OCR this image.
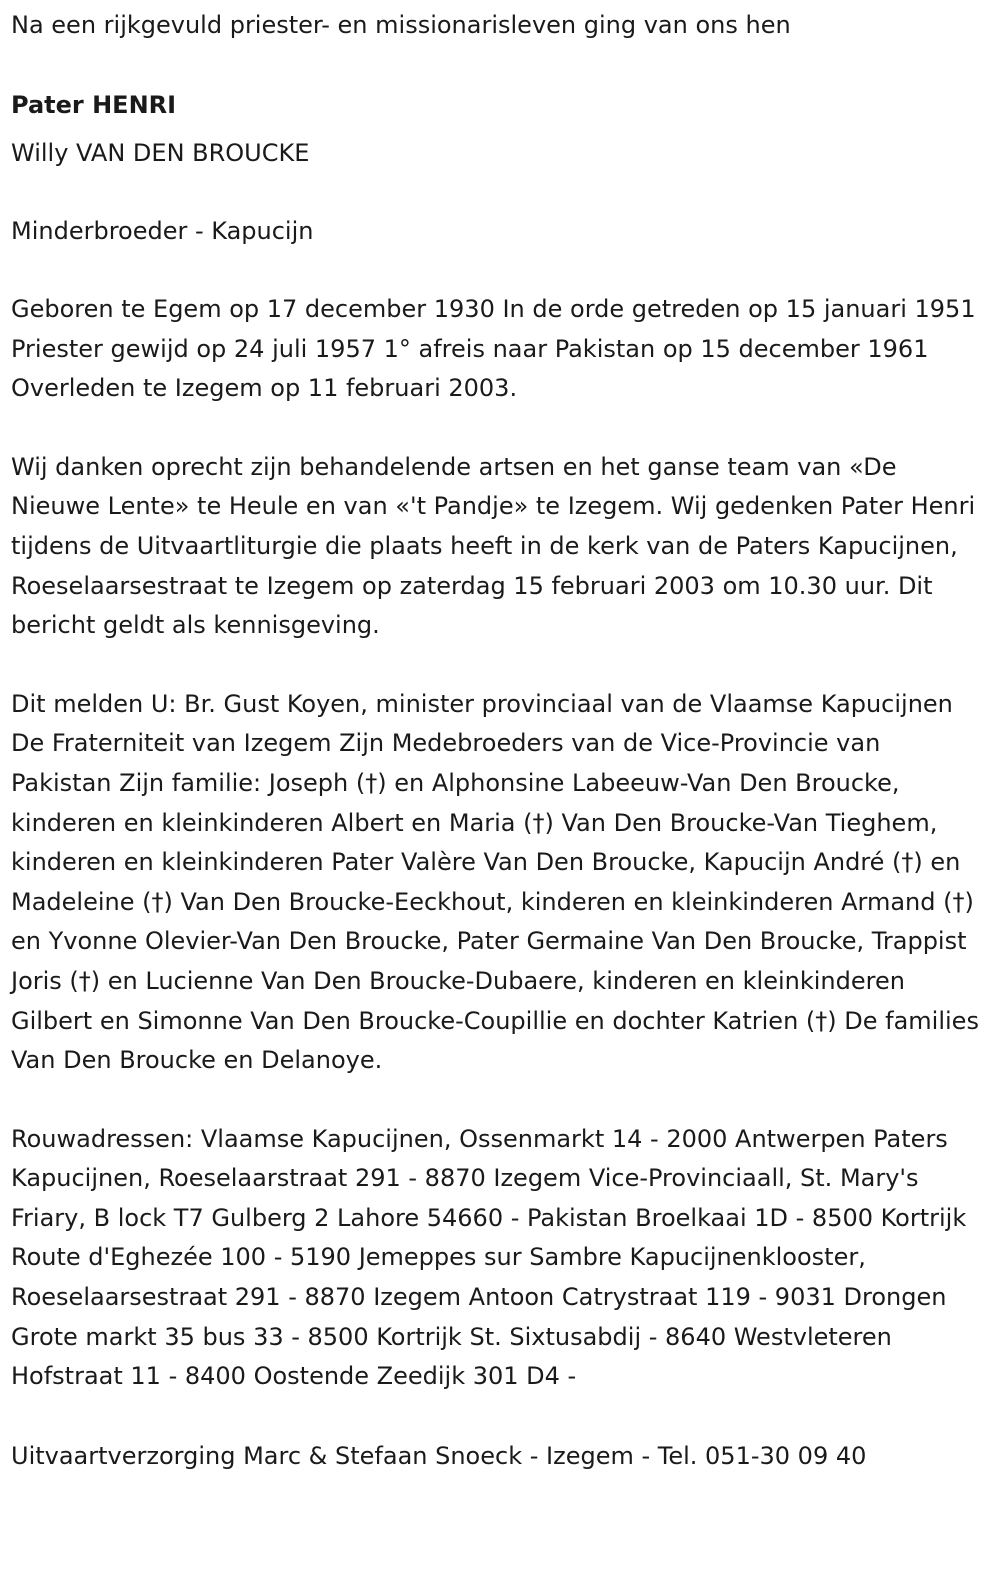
Na een rijkgevuld priester- en missionarisleven ging van ons hen
Pater HENRI
Willy VAN DEN BROUCKE
Minderbroeder - Kapucijn
Geboren te Egem op 17 december 1930 In de orde getreden op 15 januari 1951 Priester gewijd op 24 juli 1957 1° afreis naar Pakistan op 15 december 1961 Overleden te Izegem op 11 februari 2003.
Wij danken oprecht zijn behandelende artsen en het ganse team van «De Nieuwe Lente» te Heule en van «'t Pandje» te Izegem. Wij gedenken Pater Henri tijdens de Uitvaartliturgie die plaats heeft in de kerk van de Paters Kapucijnen, Roeselaarsestraat te Izegem op zaterdag 15 februari 2003 om 10.30 uur. Dit bericht geldt als kennisgeving.
Dit melden U: Br. Gust Koyen, minister provinciaal van de Vlaamse Kapucijnen De Fraterniteit van Izegem Zijn Medebroeders van de Vice-Provincie van Pakistan Zijn familie: Joseph (†) en Alphonsine Labeeuw-Van Den Broucke, kinderen en kleinkinderen Albert en Maria (†) Van Den Broucke-Van Tieghem, kinderen en kleinkinderen Pater Valère Van Den Broucke, Kapucijn André (†) en Madeleine (†) Van Den Broucke-Eeckhout, kinderen en kleinkinderen Armand (†) en Yvonne Olevier-Van Den Broucke, Pater Germaine Van Den Broucke, Trappist Joris (†) en Lucienne Van Den Broucke-Dubaere, kinderen en kleinkinderen Gilbert en Simonne Van Den Broucke-Coupillie en dochter Katrien (†) De families Van Den Broucke en Delanoye.
Rouwadressen: Vlaamse Kapucijnen, Ossenmarkt 14 - 2000 Antwerpen Paters Kapucijnen, Roeselaarstraat 291 - 8870 Izegem Vice-Provinciaall, St. Mary's Friary, B lock T7 Gulberg 2 Lahore 54660 - Pakistan Broelkaai 1D - 8500 Kortrijk Route d'Eghezée 100 - 5190 Jemeppes sur Sambre Kapucijnenklooster, Roeselaarsestraat 291 - 8870 Izegem Antoon Catrystraat 119 - 9031 Drongen Grote markt 35 bus 33 - 8500 Kortrijk St. Sixtusabdij - 8640 Westvleteren Hofstraat 11 - 8400 Oostende Zeedijk 301 D4 -
Uitvaartverzorging Marc & Stefaan Snoeck - Izegem - Tel. 051-30 09 40
